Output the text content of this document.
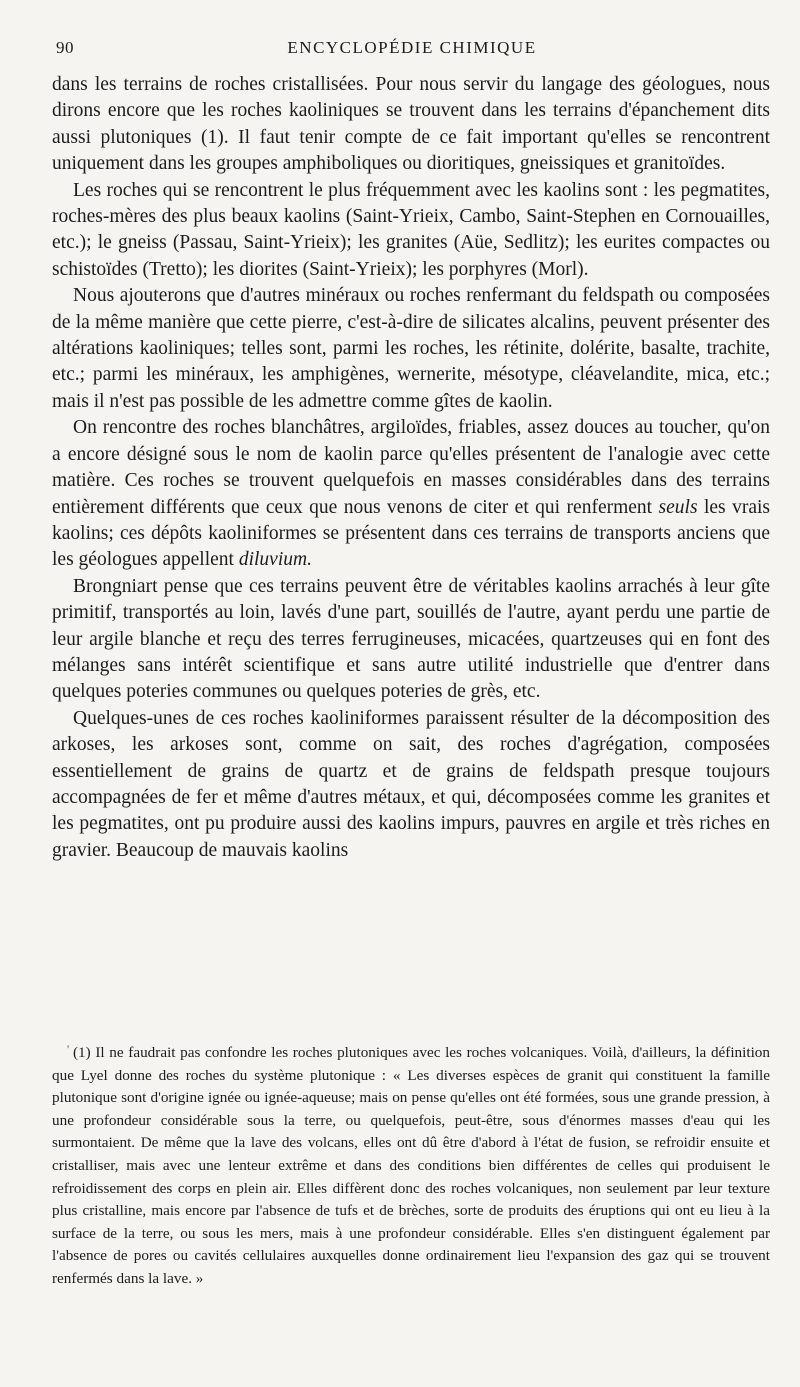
90	ENCYCLOPÉDIE CHIMIQUE

dans les terrains de roches cristallisées. Pour nous servir du langage des géologues, nous dirons encore que les roches kaoliniques se trouvent dans les terrains d'épanchement dits aussi plutoniques (1). Il faut tenir compte de ce fait important qu'elles se rencontrent uniquement dans les groupes amphiboliques ou dioritiques, gneissiques et granitoïdes.

Les roches qui se rencontrent le plus fréquemment avec les kaolins sont : les pegmatites, roches-mères des plus beaux kaolins (Saint-Yrieix, Cambo, Saint-Stephen en Cornouailles, etc.); le gneiss (Passau, Saint-Yrieix); les granites (Aüe, Sedlitz); les eurites compactes ou schistoïdes (Tretto); les diorites (Saint-Yrieix); les porphyres (Morl).

Nous ajouterons que d'autres minéraux ou roches renfermant du feldspath ou composées de la même manière que cette pierre, c'est-à-dire de silicates alcalins, peuvent présenter des altérations kaoliniques; telles sont, parmi les roches, les rétinite, dolérite, basalte, trachite, etc.; parmi les minéraux, les amphigènes, wernerite, mésotype, cléavelandite, mica, etc.; mais il n'est pas possible de les admettre comme gîtes de kaolin.

On rencontre des roches blanchâtres, argiloïdes, friables, assez douces au toucher, qu'on a encore désigné sous le nom de kaolin parce qu'elles présentent de l'analogie avec cette matière. Ces roches se trouvent quelquefois en masses considérables dans des terrains entièrement différents que ceux que nous venons de citer et qui renferment seuls les vrais kaolins; ces dépôts kaoliniformes se présentent dans ces terrains de transports anciens que les géologues appellent diluvium.

Brongniart pense que ces terrains peuvent être de véritables kaolins arrachés à leur gîte primitif, transportés au loin, lavés d'une part, souillés de l'autre, ayant perdu une partie de leur argile blanche et reçu des terres ferrugineuses, micacées, quartzeuses qui en font des mélanges sans intérêt scientifique et sans autre utilité industrielle que d'entrer dans quelques poteries communes ou quelques poteries de grès, etc.

Quelques-unes de ces roches kaoliniformes paraissent résulter de la décomposition des arkoses, les arkoses sont, comme on sait, des roches d'agrégation, composées essentiellement de grains de quartz et de grains de feldspath presque toujours accompagnées de fer et même d'autres métaux, et qui, décomposées comme les granites et les pegmatites, ont pu produire aussi des kaolins impurs, pauvres en argile et très riches en gravier. Beaucoup de mauvais kaolins

' (1) Il ne faudrait pas confondre les roches plutoniques avec les roches volcaniques. Voilà, d'ailleurs, la définition que Lyel donne des roches du système plutonique : « Les diverses espèces de granit qui constituent la famille plutonique sont d'origine ignée ou ignée-aqueuse; mais on pense qu'elles ont été formées, sous une grande pression, à une profondeur considérable sous la terre, ou quelquefois, peut-être, sous d'énormes masses d'eau qui les surmontaient. De même que la lave des volcans, elles ont dû être d'abord à l'état de fusion, se refroidir ensuite et cristalliser, mais avec une lenteur extrême et dans des conditions bien différentes de celles qui produisent le refroidissement des corps en plein air. Elles diffèrent donc des roches volcaniques, non seulement par leur texture plus cristalline, mais encore par l'absence de tufs et de brèches, sorte de produits des éruptions qui ont eu lieu à la surface de la terre, ou sous les mers, mais à une profondeur considérable. Elles s'en distinguent également par l'absence de pores ou cavités cellulaires auxquelles donne ordinairement lieu l'expansion des gaz qui se trouvent renfermés dans la lave. »
